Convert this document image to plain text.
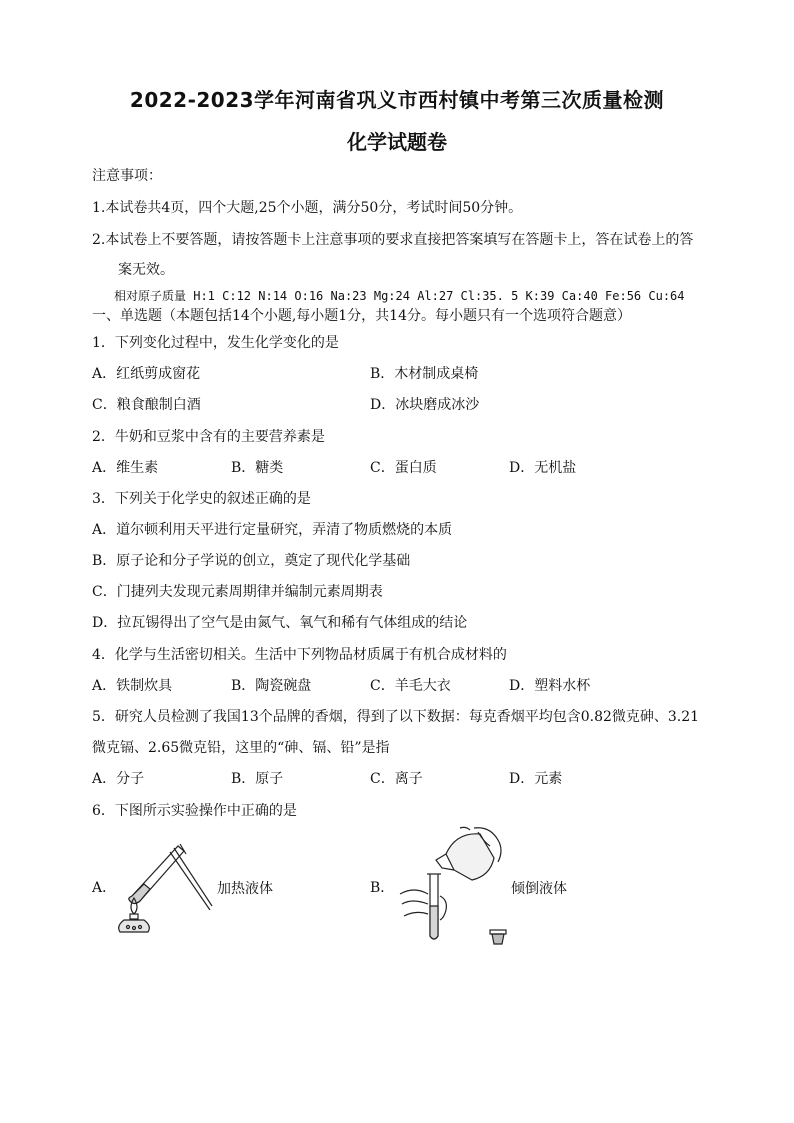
2022-2023学年河南省巩义市西村镇中考第三次质量检测
化学试题卷
注意事项：
1.本试卷共4页，四个大题,25个小题，满分50分，考试时间50分钟。
2.本试卷上不要答题，请按答题卡上注意事项的要求直接把答案填写在答题卡上，答在试卷上的答
案无效。
相对原子质量 H:1 C:12 N:14 O:16 Na:23 Mg:24 Al:27 Cl:35. 5 K:39 Ca:40 Fe:56 Cu:64
一、单选题（本题包括14个小题,每小题1分，共14分。每小题只有一个选项符合题意）
1．下列变化过程中，发生化学变化的是
A．红纸剪成窗花	B．木材制成桌椅
C．粮食酿制白酒	D．冰块磨成冰沙
2．牛奶和豆浆中含有的主要营养素是
A．维生素	B．糖类	C．蛋白质	D．无机盐
3．下列关于化学史的叙述正确的是
A．道尔顿利用天平进行定量研究，弄清了物质燃烧的本质
B．原子论和分子学说的创立，奠定了现代化学基础
C．门捷列夫发现元素周期律并编制元素周期表
D．拉瓦锡得出了空气是由氮气、氧气和稀有气体组成的结论
4．化学与生活密切相关。生活中下列物品材质属于有机合成材料的
A．铁制炊具	B．陶瓷碗盘	C．羊毛大衣	D．塑料水杯
5．研究人员检测了我国13个品牌的香烟，得到了以下数据：每克香烟平均包含0.82微克砷、3.21
微克镉、2.65微克铅，这里的“砷、镉、铅”是指
A．分子	B．原子	C．离子	D．元素
6．下图所示实验操作中正确的是
A．	B．
加热液体	倾倒液体
